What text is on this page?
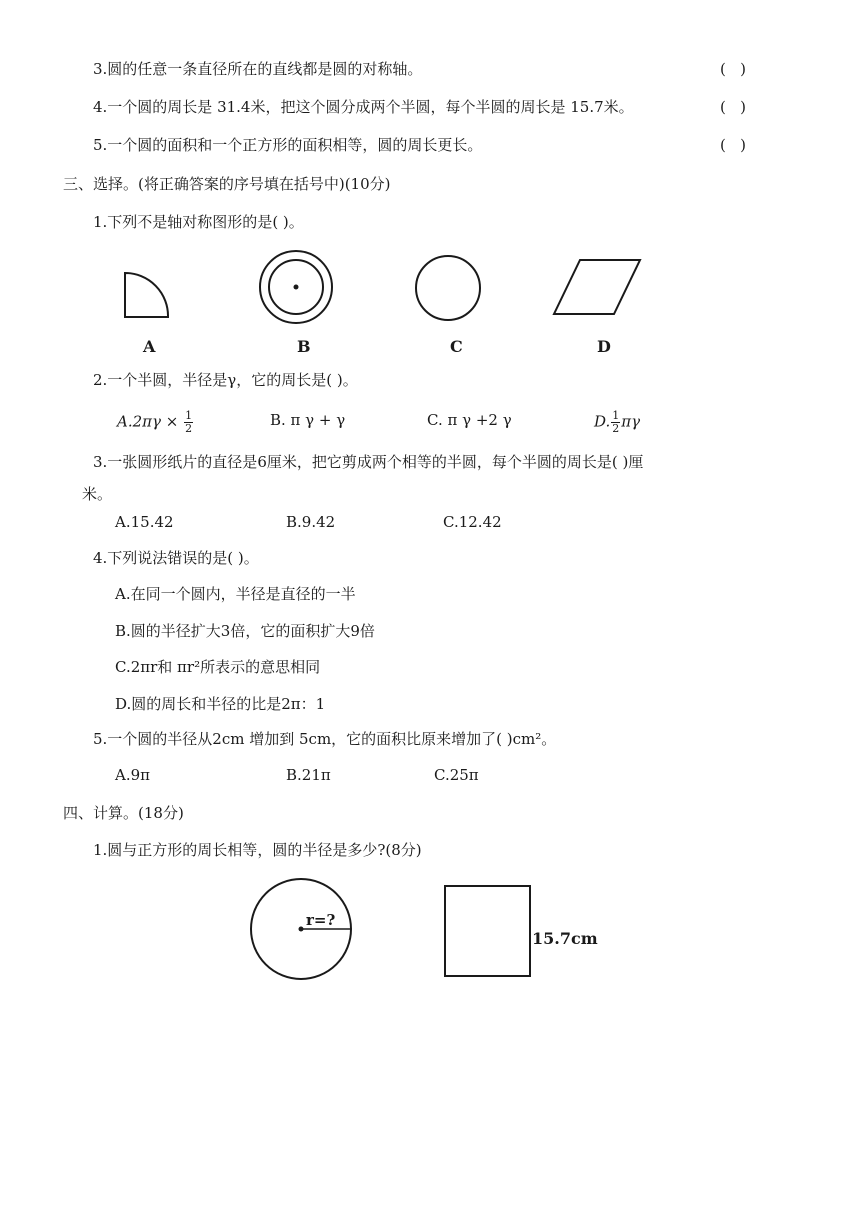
3.圆的任意一条直径所在的直线都是圆的对称轴。	(   )
4.一个圆的周长是 31.4米，把这个圆分成两个半圆，每个半圆的周长是 15.7米。	(   )
5.一个圆的面积和一个正方形的面积相等，圆的周长更长。	(   )
三、选择。(将正确答案的序号填在括号中)(10分)
1.下列不是轴对称图形的是( )。
A	B	C	D
2.一个半圆，半径是γ，它的周长是( )。
$A.2\pi\gamma \times \frac{1}{2}$	B. π γ + γ	C. π γ +2 γ	D. $\frac{1}{2}$ πγ
3.一张圆形纸片的直径是6厘米，把它剪成两个相等的半圆，每个半圆的周长是( )厘
米。
A.15.42	B.9.42	C.12.42
4.下列说法错误的是( )。
A.在同一个圆内，半径是直径的一半
B.圆的半径扩大3倍，它的面积扩大9倍
C.2πr和 πr²所表示的意思相同
D.圆的周长和半径的比是2π：1
5.一个圆的半径从2cm 增加到 5cm，它的面积比原来增加了( )cm²。
A.9π	B.21π	C.25π
四、计算。(18分)
1.圆与正方形的周长相等，圆的半径是多少?(8分)
r=?
15.7cm
